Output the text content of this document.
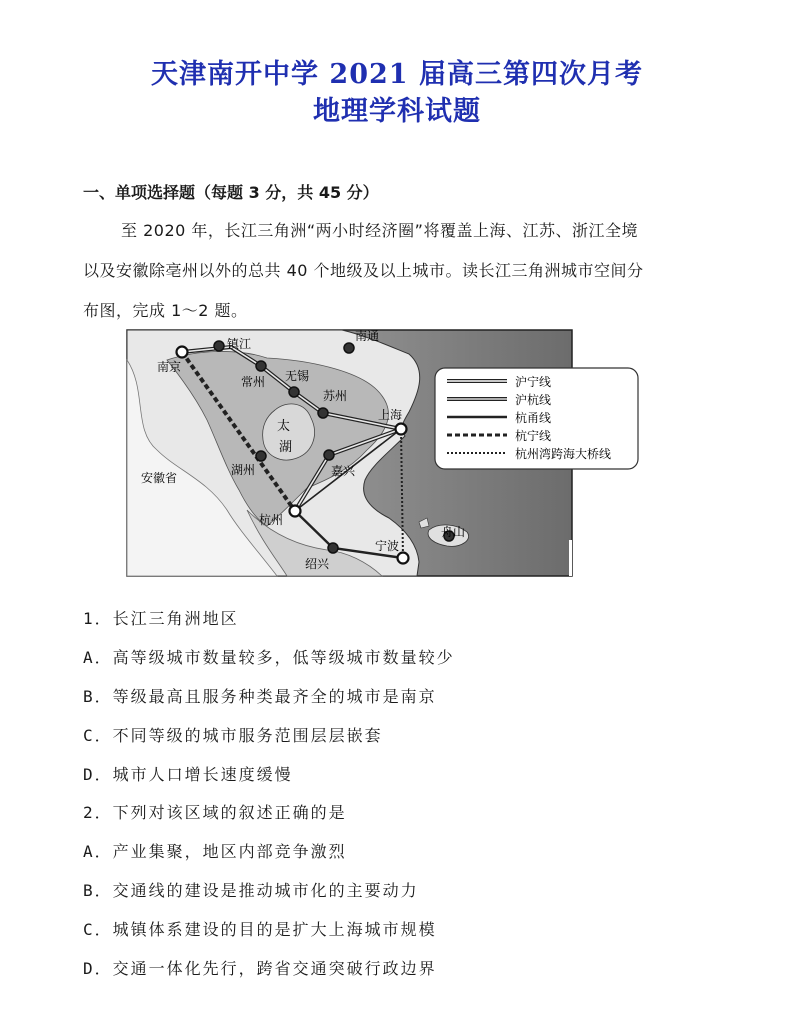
天津南开中学 2021 届高三第四次月考
地理学科试题
一、单项选择题（每题 3 分，共 45 分）
至 2020 年，长江三角洲“两小时经济圈”将覆盖上海、江苏、浙江全境
以及安徽除亳州以外的总共 40 个地级及以上城市。读长江三角洲城市空间分
布图，完成 1～2 题。
南京
镇江
南通
常州 无锡
苏州
上海
湖州	嘉兴
杭州
绍兴
宁波
舟山
太
湖
安徽省
沪宁线
沪杭线
杭甬线
杭宁线
杭州湾跨海大桥线
1．长江三角洲地区
A．高等级城市数量较多，低等级城市数量较少
B．等级最高且服务种类最齐全的城市是南京
C．不同等级的城市服务范围层层嵌套
D．城市人口增长速度缓慢
2．下列对该区域的叙述正确的是
A．产业集聚，地区内部竞争激烈
B．交通线的建设是推动城市化的主要动力
C．城镇体系建设的目的是扩大上海城市规模
D．交通一体化先行，跨省交通突破行政边界
